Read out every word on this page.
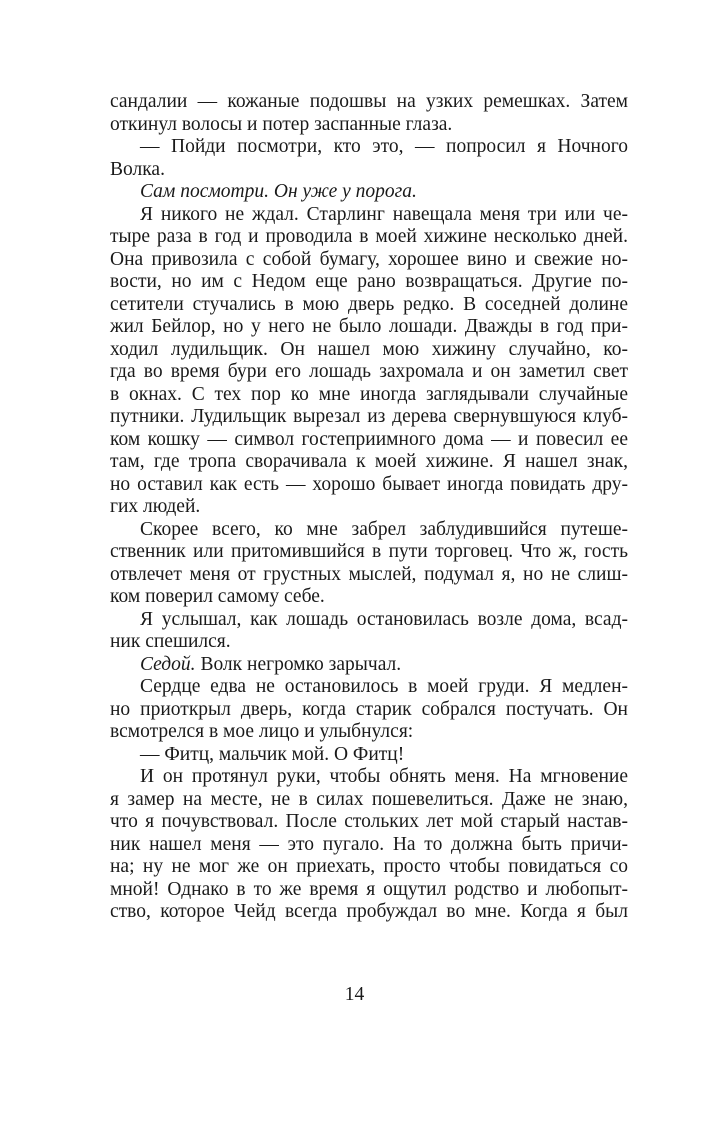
сандалии — кожаные подошвы на узких ремешках. Затем
откинул волосы и потер заспанные глаза.
— Пойди посмотри, кто это, — попросил я Ночного
Волка.
Сам посмотри. Он уже у порога.
Я никого не ждал. Старлинг навещала меня три или че-
тыре раза в год и проводила в моей хижине несколько дней.
Она привозила с собой бумагу, хорошее вино и свежие но-
вости, но им с Недом еще рано возвращаться. Другие по-
сетители стучались в мою дверь редко. В соседней долине
жил Бейлор, но у него не было лошади. Дважды в год при-
ходил лудильщик. Он нашел мою хижину случайно, ко-
гда во время бури его лошадь захромала и он заметил свет
в окнах. С тех пор ко мне иногда заглядывали случайные
путники. Лудильщик вырезал из дерева свернувшуюся клуб-
ком кошку — символ гостеприимного дома — и повесил ее
там, где тропа сворачивала к моей хижине. Я нашел знак,
но оставил как есть — хорошо бывает иногда повидать дру-
гих людей.
Скорее всего, ко мне забрел заблудившийся путеше-
ственник или притомившийся в пути торговец. Что ж, гость
отвлечет меня от грустных мыслей, подумал я, но не слиш-
ком поверил самому себе.
Я услышал, как лошадь остановилась возле дома, всад-
ник спешился.
Седой. Волк негромко зарычал.
Сердце едва не остановилось в моей груди. Я медлен-
но приоткрыл дверь, когда старик собрался постучать. Он
всмотрелся в мое лицо и улыбнулся:
— Фитц, мальчик мой. О Фитц!
И он протянул руки, чтобы обнять меня. На мгновение
я замер на месте, не в силах пошевелиться. Даже не знаю,
что я почувствовал. После стольких лет мой старый настав-
ник нашел меня — это пугало. На то должна быть причи-
на; ну не мог же он приехать, просто чтобы повидаться со
мной! Однако в то же время я ощутил родство и любопыт-
ство, которое Чейд всегда пробуждал во мне. Когда я был
14
